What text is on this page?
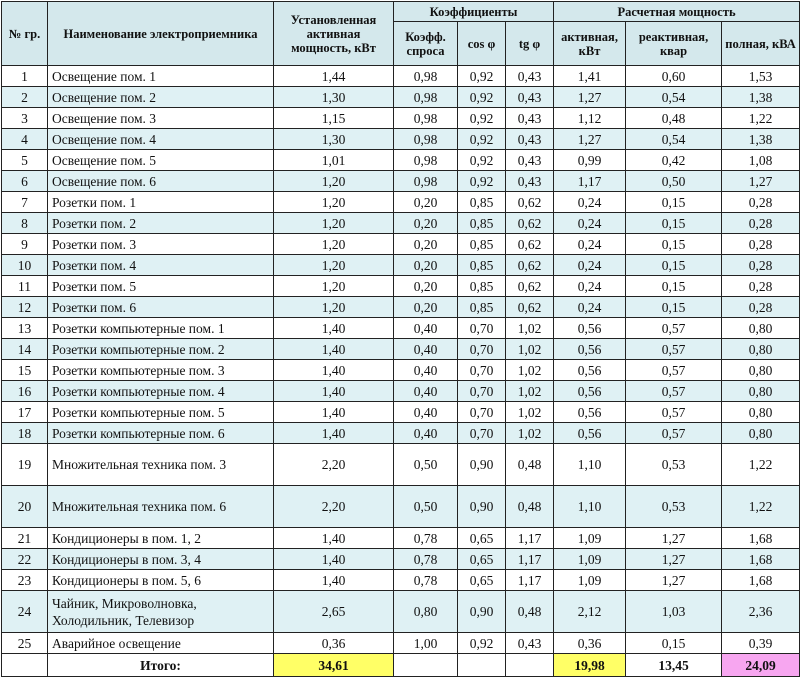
№ гр.	Наименование электроприемника	Установленная активная мощность, кВт	Коэффициенты			Расчетная мощность		
			Коэфф. спроса	cos φ	tg φ	активная, кВт	реактивная, квар	полная, кВА
1	Освещение пом. 1	1,44	0,98	0,92	0,43	1,41	0,60	1,53
2	Освещение пом. 2	1,30	0,98	0,92	0,43	1,27	0,54	1,38
3	Освещение пом. 3	1,15	0,98	0,92	0,43	1,12	0,48	1,22
4	Освещение пом. 4	1,30	0,98	0,92	0,43	1,27	0,54	1,38
5	Освещение пом. 5	1,01	0,98	0,92	0,43	0,99	0,42	1,08
6	Освещение пом. 6	1,20	0,98	0,92	0,43	1,17	0,50	1,27
7	Розетки пом. 1	1,20	0,20	0,85	0,62	0,24	0,15	0,28
8	Розетки пом. 2	1,20	0,20	0,85	0,62	0,24	0,15	0,28
9	Розетки пом. 3	1,20	0,20	0,85	0,62	0,24	0,15	0,28
10	Розетки пом. 4	1,20	0,20	0,85	0,62	0,24	0,15	0,28
11	Розетки пом. 5	1,20	0,20	0,85	0,62	0,24	0,15	0,28
12	Розетки пом. 6	1,20	0,20	0,85	0,62	0,24	0,15	0,28
13	Розетки компьютерные пом. 1	1,40	0,40	0,70	1,02	0,56	0,57	0,80
14	Розетки компьютерные пом. 2	1,40	0,40	0,70	1,02	0,56	0,57	0,80
15	Розетки компьютерные пом. 3	1,40	0,40	0,70	1,02	0,56	0,57	0,80
16	Розетки компьютерные пом. 4	1,40	0,40	0,70	1,02	0,56	0,57	0,80
17	Розетки компьютерные пом. 5	1,40	0,40	0,70	1,02	0,56	0,57	0,80
18	Розетки компьютерные пом. 6	1,40	0,40	0,70	1,02	0,56	0,57	0,80
19	Множительная техника пом. 3	2,20	0,50	0,90	0,48	1,10	0,53	1,22
20	Множительная техника пом. 6	2,20	0,50	0,90	0,48	1,10	0,53	1,22
21	Кондиционеры в пом. 1, 2	1,40	0,78	0,65	1,17	1,09	1,27	1,68
22	Кондиционеры в пом. 3, 4	1,40	0,78	0,65	1,17	1,09	1,27	1,68
23	Кондиционеры в пом. 5, 6	1,40	0,78	0,65	1,17	1,09	1,27	1,68
24	Чайник, Микроволновка, Холодильник, Телевизор	2,65	0,80	0,90	0,48	2,12	1,03	2,36
25	Аварийное освещение	0,36	1,00	0,92	0,43	0,36	0,15	0,39
	Итого:	34,61				19,98	13,45	24,09
